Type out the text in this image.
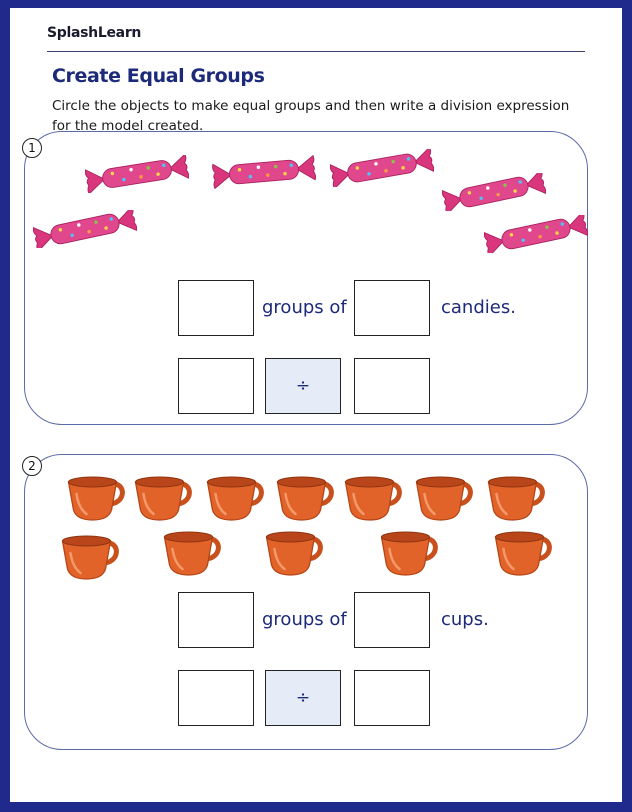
SplashLearn
Create Equal Groups
Circle the objects to make equal groups and then write a division expression for the model created.
1
groups of	candies.
÷
2
groups of	cups.
÷
